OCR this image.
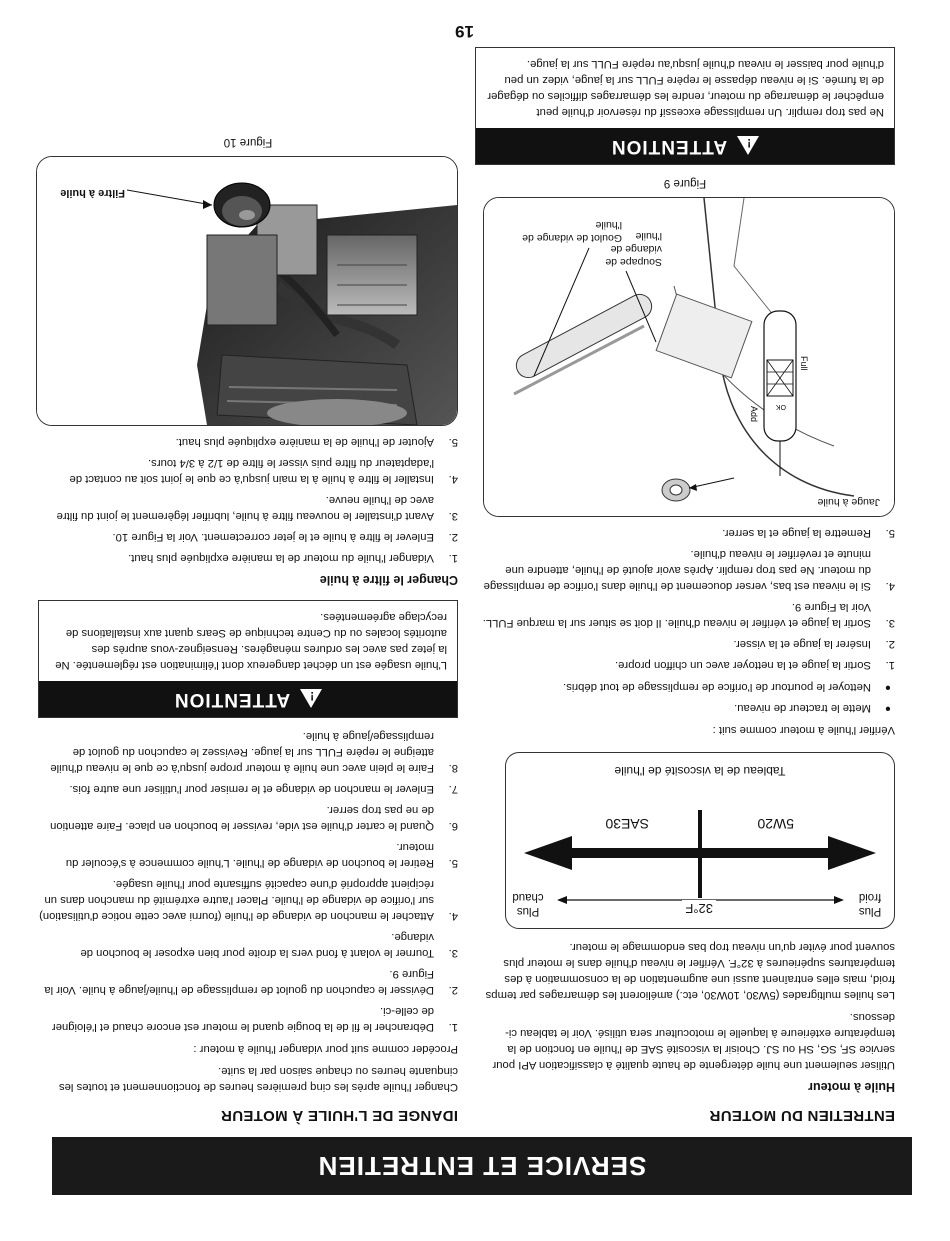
SERVICE ET ENTRETIEN
ENTRETIEN DU MOTEUR
Huile à moteur

Utiliser seulement une huile détergente de haute qualité à classification API pour service SF, SG, SH ou SJ. Choisir la viscosité SAE de l'huile en fonction de la température extérieure à laquelle le motoculteur sera utilisé. Voir le tableau ci-dessous.

Les huiles multigrades (5W30, 10W30, etc.) améliorent les démarrages par temps froid, mais elles entraînent aussi une augmentation de la consommation à des températures supérieures à 32°F. Vérifier le niveau d'huile dans le moteur plus souvent pour éviter qu'un niveau trop bas endommage le moteur.

Plus froid
Plus chaud
32°F
5W20
SAE30
Tableau de la viscosité de l'huile

Vérifier l'huile à moteur comme suit :

●
Mette le tracteur de niveau.
●
Nettoyer le pourtour de l'orifice de remplissage de tout débris.
1.
Sortir la jauge et la nettoyer avec un chiffon propre.
2.
Insérer la jauge et la visser.
3.
Sortir la jauge et vérifier le niveau d'huile. Il doit se situer sur la marque FULL. Voir la Figure 9.
4.
Si le niveau est bas, verser doucement de l'huile dans l'orifice de remplissage du moteur. Ne pas trop remplir. Après avoir ajouté de l'huile, attendre une minute et revérifier le niveau d'huile.
5.
Remettre la jauge et la serrer.
Jauge à huile
Full
OK
Add
Soupape de vidange de l'huile
Goulot de vidange de l'huile
Figure 9
!
ATTENTION
Ne pas trop remplir. Un remplissage excessif du réservoir d'huile peut empêcher le démarrage du moteur, rendre les démarrages difficiles ou dégager de la fumée. Si le niveau dépasse le repère FULL sur la jauge, videz un peu d'huile pour baisser le niveau d'huile jusqu'au repère FULL sur la jauge.
IDANGE DE L'HUILE À MOTEUR

Changer l'huile après les cinq premières heures de fonctionnement et toutes les cinquante heures ou chaque saison par la suite.

Procéder comme suit pour vidanger l'huile à moteur :

1.
Débrancher le fil de la bougie quand le moteur est encore chaud et l'éloigner de celle-ci.
2.
Dévisser le capuchon du goulot de remplissage de l'huile/jauge à huile. Voir la Figure 9.
3.
Tourner le volant à fond vers la droite pour bien exposer le bouchon de vidange.
4.
Attacher le manchon de vidange de l'huile (fourni avec cette notice d'utilisation) sur l'orifice de vidange de l'huile. Placer l'autre extrémité du manchon dans un récipient approprié d'une capacité suffisante pour l'huile usagée.
5.
Retirer le bouchon de vidange de l'huile. L'huile commence à s'écouler du moteur.
6.
Quand le carter d'huile est vide, revisser le bouchon en place. Faire attention de ne pas trop serrer.
7.
Enlever le manchon de vidange et le remiser pour l'utiliser une autre fois.
8.
Faire le plein avec une huile à moteur propre jusqu'à ce que le niveau d'huile atteigne le repère FULL sur la jauge. Revissez le capuchon du goulot de remplissage/jauge à huile.
!
ATTENTION
L'huile usagée est un déchet dangereux dont l'élimination est réglementée. Ne la jetez pas avec les ordures ménagères. Renseignez-vous auprès des autorités locales ou du Centre technique de Sears quant aux installations de recyclage agréementées.
Changer le filtre à huile
1.
Vidanger l'huile du moteur de la manière expliquée plus haut.
2.
Enlever le filtre à huile et le jeter correctement. Voir la Figure 10.
3.
Avant d'installer le nouveau filtre à huile, lubrifier légèrement le joint du filtre avec de l'huile neuve.
4.
Installer le filtre à huile à la main jusqu'à ce que le joint soit au contact de l'adaptateur du filtre puis visser le filtre de 1/2 à 3/4 tours.
5.
Ajouter de l'huile de la manière expliquée plus haut.
Filtre à huile
Figure 10
19
